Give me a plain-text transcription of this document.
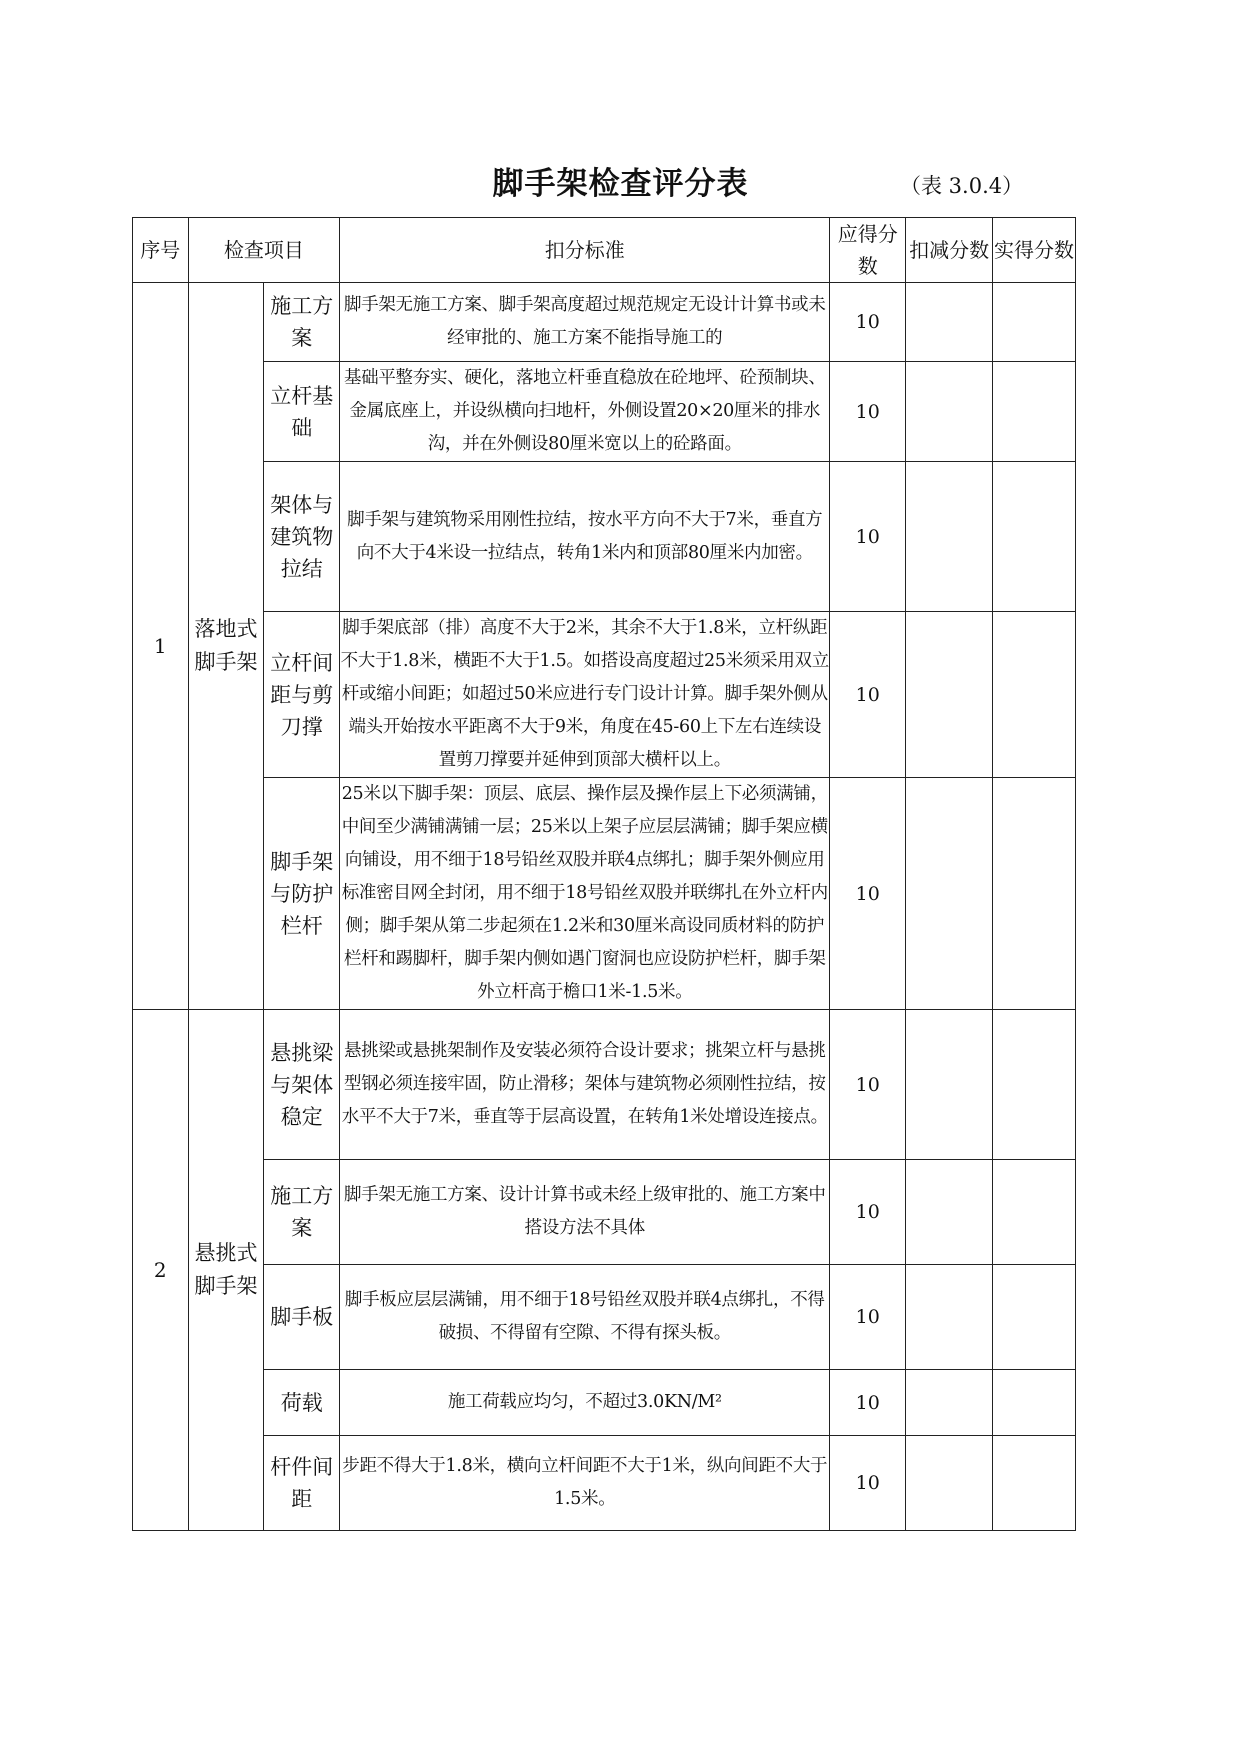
脚手架检查评分表	（表 3.0.4）
序号	检查项目		扣分标准	应得分数	扣减分数	实得分数
1	落地式脚手架	施工方案	脚手架无施工方案、脚手架高度超过规范规定无设计计算书或未经审批的、施工方案不能指导施工的	10		
		立杆基础	基础平整夯实、硬化，落地立杆垂直稳放在砼地坪、砼预制块、金属底座上，并设纵横向扫地杆，外侧设置20×20厘米的排水沟，并在外侧设80厘米宽以上的砼路面。	10		
		架体与建筑物拉结	脚手架与建筑物采用刚性拉结，按水平方向不大于7米，垂直方向不大于4米设一拉结点，转角1米内和顶部80厘米内加密。	10		
		立杆间距与剪刀撑	脚手架底部（排）高度不大于2米，其余不大于1.8米，立杆纵距不大于1.8米，横距不大于1.5。如搭设高度超过25米须采用双立杆或缩小间距；如超过50米应进行专门设计计算。脚手架外侧从端头开始按水平距离不大于9米，角度在45-60上下左右连续设置剪刀撑要并延伸到顶部大横杆以上。	10		
		脚手架与防护栏杆	25米以下脚手架：顶层、底层、操作层及操作层上下必须满铺，中间至少满铺满铺一层；25米以上架子应层层满铺；脚手架应横向铺设，用不细于18号铅丝双股并联4点绑扎；脚手架外侧应用标准密目网全封闭，用不细于18号铅丝双股并联绑扎在外立杆内侧；脚手架从第二步起须在1.2米和30厘米高设同质材料的防护栏杆和踢脚杆，脚手架内侧如遇门窗洞也应设防护栏杆，脚手架外立杆高于檐口1米-1.5米。	10		
2	悬挑式脚手架	悬挑梁与架体稳定	悬挑梁或悬挑架制作及安装必须符合设计要求；挑架立杆与悬挑型钢必须连接牢固，防止滑移；架体与建筑物必须刚性拉结，按水平不大于7米，垂直等于层高设置，在转角1米处增设连接点。	10		
		施工方案	脚手架无施工方案、设计计算书或未经上级审批的、施工方案中搭设方法不具体	10		
		脚手板	脚手板应层层满铺，用不细于18号铅丝双股并联4点绑扎，不得破损、不得留有空隙、不得有探头板。	10		
		荷载	施工荷载应均匀，不超过3.0KN/M²	10		
		杆件间距	步距不得大于1.8米，横向立杆间距不大于1米，纵向间距不大于1.5米。	10		
